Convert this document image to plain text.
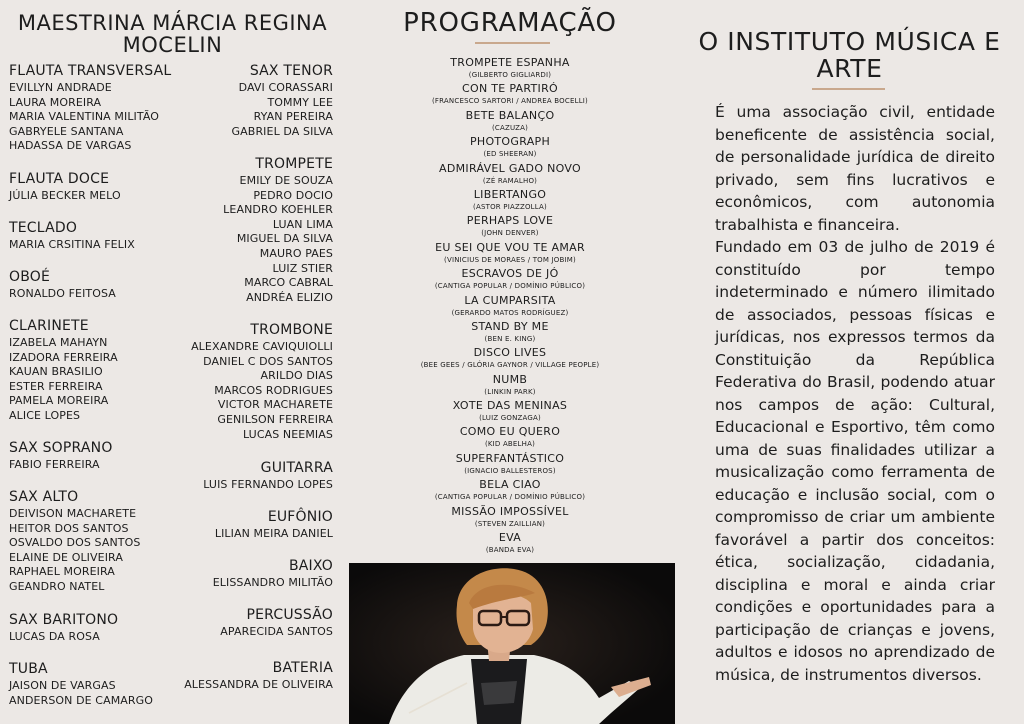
MAESTRINA MÁRCIA REGINA MOCELIN
FLAUTA TRANSVERSAL
EVILLYN ANDRADE
LAURA MOREIRA
MARIA VALENTINA MILITÃO
GABRYELE SANTANA
HADASSA DE VARGAS
FLAUTA DOCE
JÚLIA BECKER MELO
TECLADO
MARIA CRSITINA FELIX
OBOÉ
RONALDO FEITOSA
CLARINETE
IZABELA MAHAYN
IZADORA FERREIRA
KAUAN BRASILIO
ESTER FERREIRA
PAMELA MOREIRA
ALICE LOPES
SAX SOPRANO
FABIO FERREIRA
SAX ALTO
DEIVISON MACHARETE
HEITOR DOS SANTOS
OSVALDO DOS SANTOS
ELAINE DE OLIVEIRA
RAPHAEL MOREIRA
GEANDRO NATEL
SAX BARITONO
LUCAS DA ROSA
TUBA
JAISON DE VARGAS
ANDERSON DE CAMARGO
SAX TENOR
DAVI CORASSARI
TOMMY LEE
RYAN PEREIRA
GABRIEL DA SILVA
TROMPETE
EMILY DE SOUZA
PEDRO DOCIO
LEANDRO KOEHLER
LUAN LIMA
MIGUEL DA SILVA
MAURO PAES
LUIZ STIER
MARCO CABRAL
ANDRÉA ELIZIO
TROMBONE
ALEXANDRE CAVIQUIOLLI
DANIEL C DOS SANTOS
ARILDO DIAS
MARCOS RODRIGUES
VICTOR MACHARETE
GENILSON FERREIRA
LUCAS NEEMIAS
GUITARRA
LUIS FERNANDO LOPES
EUFÔNIO
LILIAN MEIRA DANIEL
BAIXO
ELISSANDRO MILITÃO
PERCUSSÃO
APARECIDA SANTOS
BATERIA
ALESSANDRA DE OLIVEIRA
PROGRAMAÇÃO
TROMPETE ESPANHA
(GILBERTO GIGLIARDI)
CON TE PARTIRÓ
(FRANCESCO SARTORI / ANDREA BOCELLI)
BETE BALANÇO
(CAZUZA)
PHOTOGRAPH
(ED SHEERAN)
ADMIRÁVEL GADO NOVO
(ZÉ RAMALHO)
LIBERTANGO
(ASTOR PIAZZOLLA)
PERHAPS LOVE
(JOHN DENVER)
EU SEI QUE VOU TE AMAR
(VINICIUS DE MORAES / TOM JOBIM)
ESCRAVOS DE JÓ
(CANTIGA POPULAR / DOMÍNIO PÚBLICO)
LA CUMPARSITA
(GERARDO MATOS RODRÍGUEZ)
STAND BY ME
(BEN E. KING)
DISCO LIVES
(BEE GEES / GLÓRIA GAYNOR / VILLAGE PEOPLE)
NUMB
(LINKIN PARK)
XOTE DAS MENINAS
(LUIZ GONZAGA)
COMO EU QUERO
(KID ABELHA)
SUPERFANTÁSTICO
(IGNACIO BALLESTEROS)
BELA CIAO
(CANTIGA POPULAR / DOMÍNIO PÚBLICO)
MISSÃO IMPOSSÍVEL
(STEVEN ZAILLIAN)
EVA
(BANDA EVA)
O INSTITUTO MÚSICA E ARTE

É uma associação civil, entidade beneficente de assistência social, de personalidade jurídica de direito privado, sem fins lucrativos e econômicos, com autonomia trabalhista e financeira.

Fundado em 03 de julho de 2019 é constituído por tempo indeterminado e número ilimitado de associados, pessoas físicas e jurídicas, nos expressos termos da Constituição da República Federativa do Brasil, podendo atuar nos campos de ação: Cultural, Educacional e Esportivo, têm como uma de suas finalidades utilizar a musicalização como ferramenta de educação e inclusão social, com o compromisso de criar um ambiente favorável a partir dos conceitos: ética, socialização, cidadania, disciplina e moral e ainda criar condições e oportunidades para a participação de crianças e jovens, adultos e idosos no aprendizado de música, de instrumentos diversos.
